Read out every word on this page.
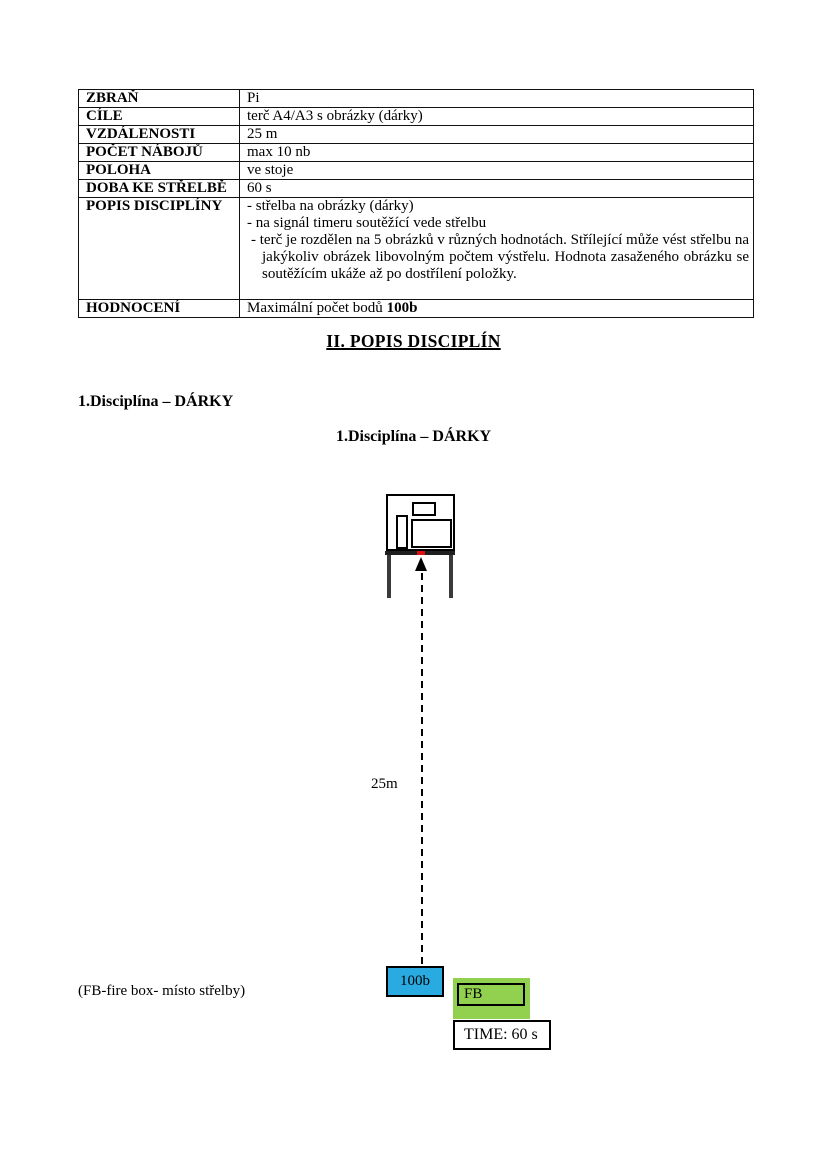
ZBRAŇ	Pi
CÍLE	terč A4/A3 s obrázky (dárky)
VZDÁLENOSTI	25 m
POČET NÁBOJŮ	max 10 nb
POLOHA	ve stoje
DOBA KE STŘELBĚ	60 s
POPIS DISCIPLÍNY	- střelba na obrázky (dárky)
- na signál timeru soutěžící vede střelbu
- terč je rozdělen na 5 obrázků v různých hodnotách. Střílející může vést střelbu na jakýkoliv obrázek libovolným počtem výstřelu. Hodnota zasaženého obrázku se soutěžícím ukáže až po dostřílení položky.

HODNOCENÍ	Maximální počet bodů 100b
II. POPIS DISCIPLÍN
1.Disciplína – DÁRKY
1.Disciplína – DÁRKY
25m
100b
FB
TIME: 60 s
(FB-fire box- místo střelby)
